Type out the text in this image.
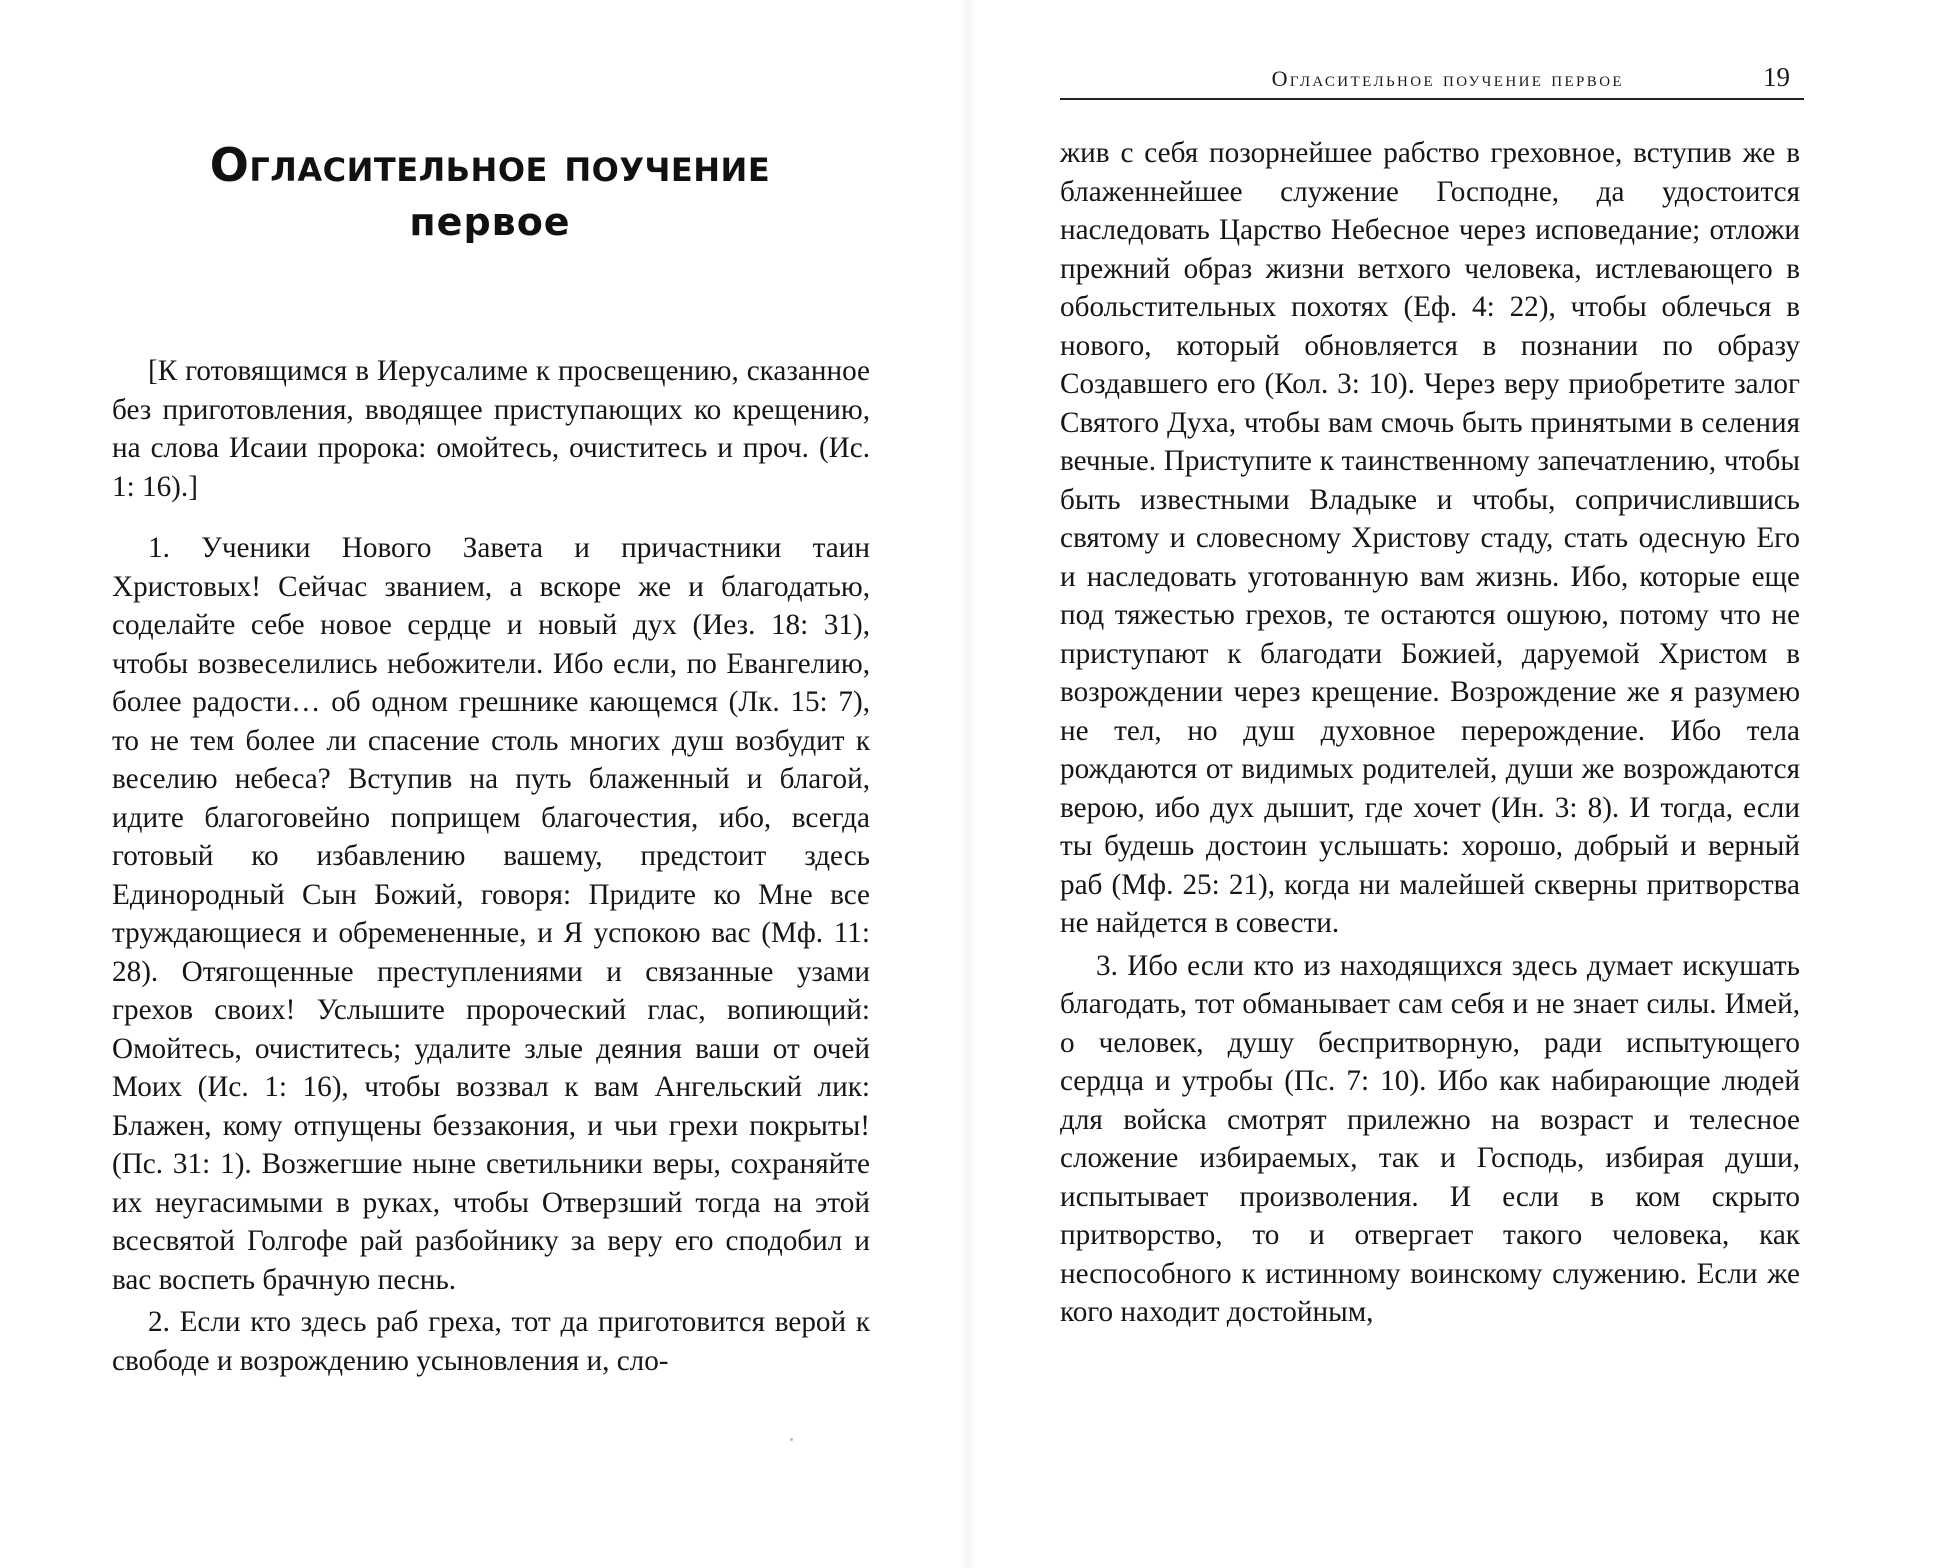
Огласительное поучение
первое

[К готовящимся в Иерусалиме к просвещению, сказанное без приготовления, вводящее приступающих ко крещению, на слова Исаии пророка: омойтесь, очиститесь и проч. (Ис. 1: 16).]

1. Ученики Нового Завета и причастники таин Христовых! Сейчас званием, а вскоре же и благодатью, соделайте себе новое сердце и новый дух (Иез. 18: 31), чтобы возвеселились небожители. Ибо если, по Евангелию, более радости… об одном грешнике кающемся (Лк. 15: 7), то не тем более ли спасение столь многих душ возбудит к веселию небеса? Вступив на путь блаженный и благой, идите благоговейно поприщем благочестия, ибо, всегда готовый ко избавлению вашему, предстоит здесь Единородный Сын Божий, говоря: Придите ко Мне все труждающиеся и обремененные, и Я успокою вас (Мф. 11: 28). Отягощенные преступлениями и связанные узами грехов своих! Услышите пророческий глас, вопиющий: Омойтесь, очиститесь; удалите злые деяния ваши от очей Моих (Ис. 1: 16), чтобы воззвал к вам Ангельский лик: Блажен, кому отпущены беззакония, и чьи грехи покрыты! (Пс. 31: 1). Возжегшие ныне светильники веры, сохраняйте их неугасимыми в руках, чтобы Отверзший тогда на этой всесвятой Голгофе рай разбойнику за веру его сподобил и вас воспеть брачную песнь.

2. Если кто здесь раб греха, тот да приготовится верой к свободе и возрождению усыновления и, сло-

Огласительное поучение первое	19

жив с себя позорнейшее рабство греховное, вступив же в блаженнейшее служение Господне, да удостоится наследовать Царство Небесное через исповедание; отложи прежний образ жизни ветхого человека, истлевающего в обольстительных похотях (Еф. 4: 22), чтобы облечься в нового, который обновляется в познании по образу Создавшего его (Кол. 3: 10). Через веру приобретите залог Святого Духа, чтобы вам смочь быть принятыми в селения вечные. Приступите к таинственному запечатлению, чтобы быть известными Владыке и чтобы, сопричислившись святому и словесному Христову стаду, стать одесную Его и наследовать уготованную вам жизнь. Ибо, которые еще под тяжестью грехов, те остаются ошуюю, потому что не приступают к благодати Божией, даруемой Христом в возрождении через крещение. Возрождение же я разумею не тел, но душ духовное перерождение. Ибо тела рождаются от видимых родителей, души же возрождаются верою, ибо дух дышит, где хочет (Ин. 3: 8). И тогда, если ты будешь достоин услышать: хорошо, добрый и верный раб (Мф. 25: 21), когда ни малейшей скверны притворства не найдется в совести.

3. Ибо если кто из находящихся здесь думает искушать благодать, тот обманывает сам себя и не знает силы. Имей, о человек, душу беспритворную, ради испытующего сердца и утробы (Пс. 7: 10). Ибо как набирающие людей для войска смотрят прилежно на возраст и телесное сложение избираемых, так и Господь, избирая души, испытывает произволения. И если в ком скрыто притворство, то и отвергает такого человека, как неспособного к истинному воинскому служению. Если же кого находит достойным,
